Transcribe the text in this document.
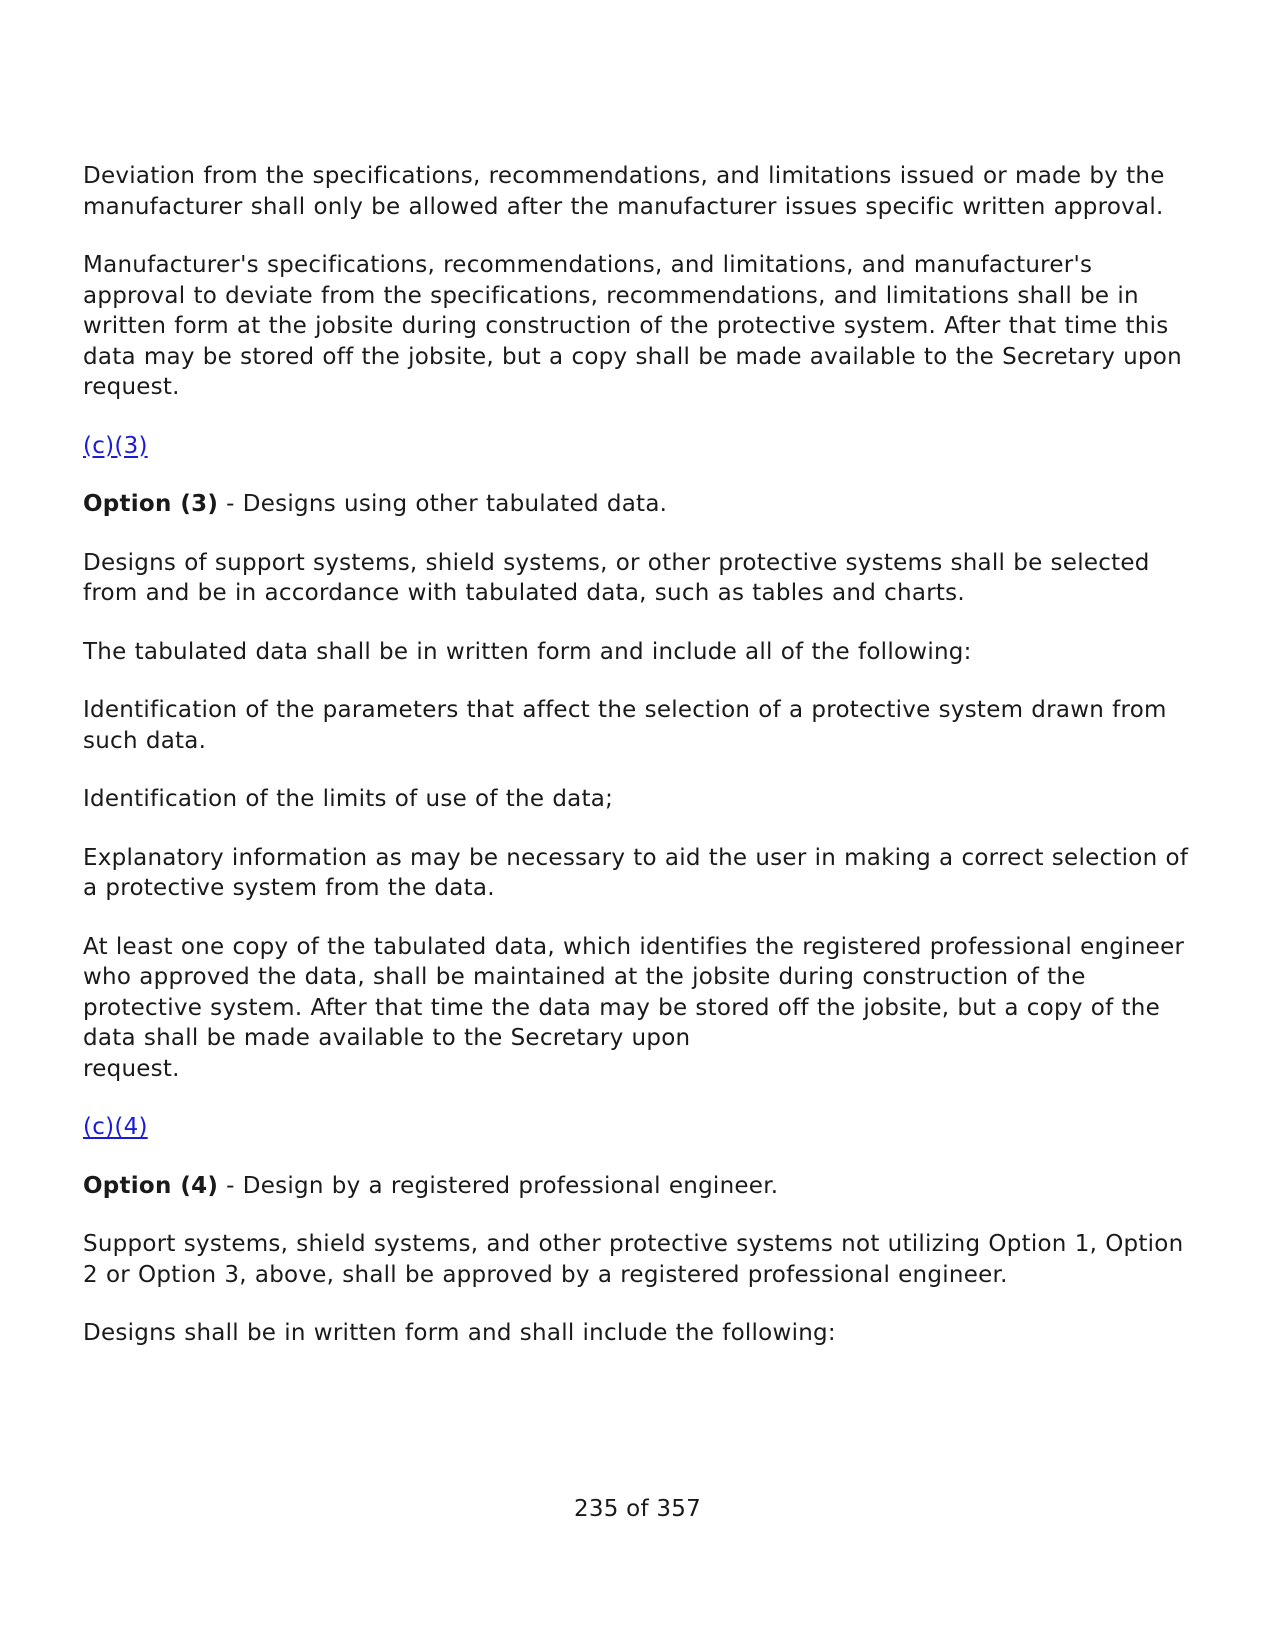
Deviation from the specifications, recommendations, and limitations issued or made by the manufacturer shall only be allowed after the manufacturer issues specific written approval.

Manufacturer's specifications, recommendations, and limitations, and manufacturer's approval to deviate from the specifications, recommendations, and limitations shall be in written form at the jobsite during construction of the protective system. After that time this data may be stored off the jobsite, but a copy shall be made available to the Secretary upon request.

(c)(3)

Option (3) - Designs using other tabulated data.

Designs of support systems, shield systems, or other protective systems shall be selected from and be in accordance with tabulated data, such as tables and charts.

The tabulated data shall be in written form and include all of the following:

Identification of the parameters that affect the selection of a protective system drawn from such data.

Identification of the limits of use of the data;

Explanatory information as may be necessary to aid the user in making a correct selection of a protective system from the data.

At least one copy of the tabulated data, which identifies the registered professional engineer who approved the data, shall be maintained at the jobsite during construction of the protective system. After that time the data may be stored off the jobsite, but a copy of the data shall be made available to the Secretary upon
request.

(c)(4)

Option (4) - Design by a registered professional engineer.

Support systems, shield systems, and other protective systems not utilizing Option 1, Option 2 or Option 3, above, shall be approved by a registered professional engineer.

Designs shall be in written form and shall include the following:

235 of 357
